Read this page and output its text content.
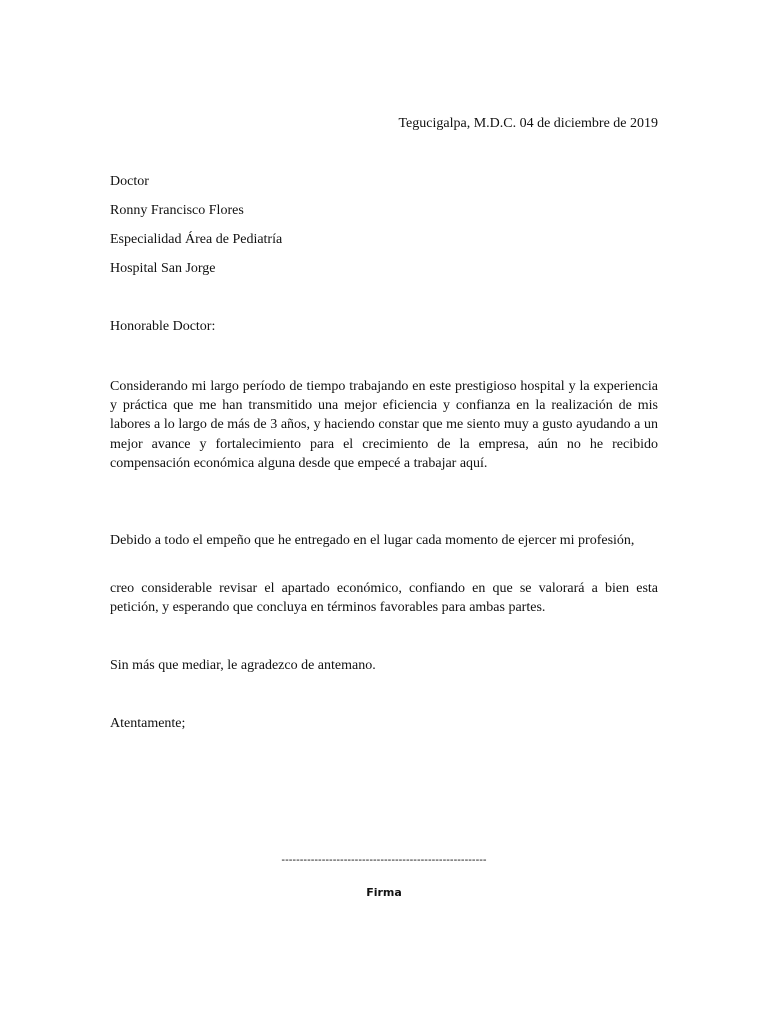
Tegucigalpa, M.D.C. 04 de diciembre de 2019
Doctor
Ronny Francisco Flores
Especialidad Área de Pediatría
Hospital San Jorge
Honorable Doctor:

Considerando mi largo período de tiempo trabajando en este prestigioso hospital y la experiencia y práctica que me han transmitido una mejor eficiencia y confianza en la realización de mis labores a lo largo de más de 3 años, y haciendo constar que me siento muy a gusto ayudando a un mejor avance y fortalecimiento para el crecimiento de la empresa, aún no he recibido compensación económica alguna desde que empecé a trabajar aquí.

Debido a todo el empeño que he entregado en el lugar cada momento de ejercer mi profesión,

creo considerable revisar el apartado económico, confiando en que se valorará a bien esta petición, y esperando que concluya en términos favorables para ambas partes.

Sin más que mediar, le agradezco de antemano.
Atentamente;
--------------------------------------------------------
Firma
